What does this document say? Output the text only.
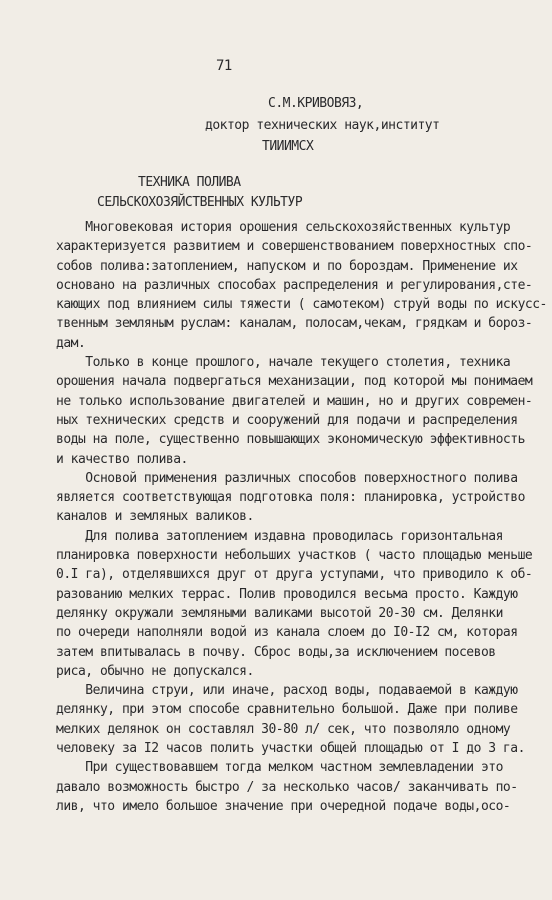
71
С.М.КРИВОВЯЗ,
доктор технических наук,институт
ТИИИМСХ
ТЕХНИКА ПОЛИВА
СЕЛЬСКОХОЗЯЙСТВЕННЫХ КУЛЬТУР
Многовековая история орошения сельскохозяйственных культур
характеризуется развитием и совершенствованием поверхностных спо-
собов полива:затоплением, напуском и по бороздам. Применение их
основано на различных способах распределения и регулирования,сте-
кающих под влиянием силы тяжести ( самотеком) струй воды по искусс-
твенным земляным руслам: каналам, полосам,чекам, грядкам и бороз-
дам.
Только в конце прошлого, начале текущего столетия, техника
орошения начала подвергаться механизации, под которой мы понимаем
не только использование двигателей и машин, но и других современ-
ных технических средств и сооружений для подачи и распределения
воды на поле, существенно повышающих экономическую эффективность
и качество полива.
Основой применения различных способов поверхностного полива
является соответствующая подготовка поля: планировка, устройство
каналов и земляных валиков.
Для полива затоплением издавна проводилась горизонтальная
планировка поверхности небольших участков ( часто площадью меньше
0.I га), отделявшихся друг от друга уступами, что приводило к об-
разованию мелких террас. Полив проводился весьма просто. Каждую
делянку окружали земляными валиками высотой 20-30 см. Делянки
по очереди наполняли водой из канала слоем до I0-I2 см, которая
затем впитывалась в почву. Сброс воды,за исключением посевов
риса, обычно не допускался.
Величина струи, или иначе, расход воды, подаваемой в каждую
делянку, при этом способе сравнительно большой. Даже при поливе
мелких делянок он составлял 30-80 л/ сек, что позволяло одному
человеку за I2 часов полить участки общей площадью от I до 3 га.
При существовавшем тогда мелком частном землевладении это
давало возможность быстро / за несколько часов/ заканчивать по-
лив, что имело большое значение при очередной подаче воды,осо-
